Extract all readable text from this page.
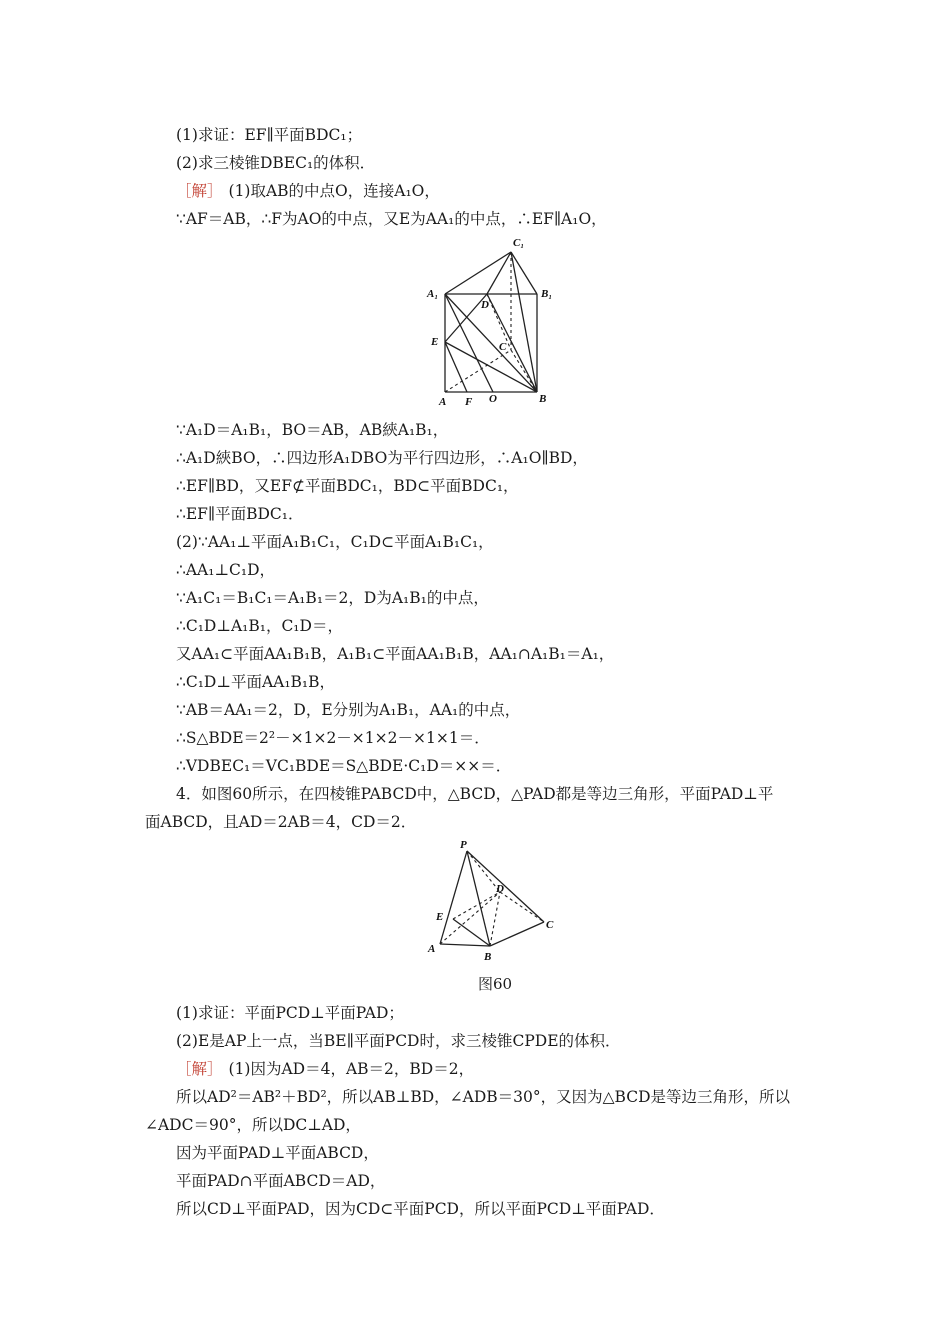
(1)求证：EF∥平面BDC₁；
(2)求三棱锥DBEC₁的体积．
［解］ (1)取AB的中点O，连接A₁O，
∵AF＝AB，∴F为AO的中点，又E为AA₁的中点，∴EF∥A₁O，
C₁
A₁	B₁
D
E	C
A F O	B
∵A₁D＝A₁B₁，BO＝AB，AB綊A₁B₁，
∴A₁D綊BO，∴四边形A₁DBO为平行四边形，∴A₁O∥BD，
∴EF∥BD，又EF⊄平面BDC₁，BD⊂平面BDC₁，
∴EF∥平面BDC₁．
(2)∵AA₁⊥平面A₁B₁C₁，C₁D⊂平面A₁B₁C₁，
∴AA₁⊥C₁D，
∵A₁C₁＝B₁C₁＝A₁B₁＝2，D为A₁B₁的中点，
∴C₁D⊥A₁B₁，C₁D＝，
又AA₁⊂平面AA₁B₁B，A₁B₁⊂平面AA₁B₁B，AA₁∩A₁B₁＝A₁，
∴C₁D⊥平面AA₁B₁B，
∵AB＝AA₁＝2，D，E分别为A₁B₁，AA₁的中点，
∴S△BDE＝2²－×1×2－×1×2－×1×1＝．
∴VDBEC₁＝VC₁BDE＝S△BDE·C₁D＝××＝．
4．如图60所示，在四棱锥PABCD中，△BCD，△PAD都是等边三角形，平面PAD⊥平
面ABCD，且AD＝2AB＝4，CD＝2．
P
D
E
C
A
B
图60
(1)求证：平面PCD⊥平面PAD；
(2)E是AP上一点，当BE∥平面PCD时，求三棱锥CPDE的体积．
［解］ (1)因为AD＝4，AB＝2，BD＝2，
所以AD²＝AB²＋BD²，所以AB⊥BD，∠ADB＝30°，又因为△BCD是等边三角形，所以
∠ADC＝90°，所以DC⊥AD，
因为平面PAD⊥平面ABCD，
平面PAD∩平面ABCD＝AD，
所以CD⊥平面PAD，因为CD⊂平面PCD，所以平面PCD⊥平面PAD．
